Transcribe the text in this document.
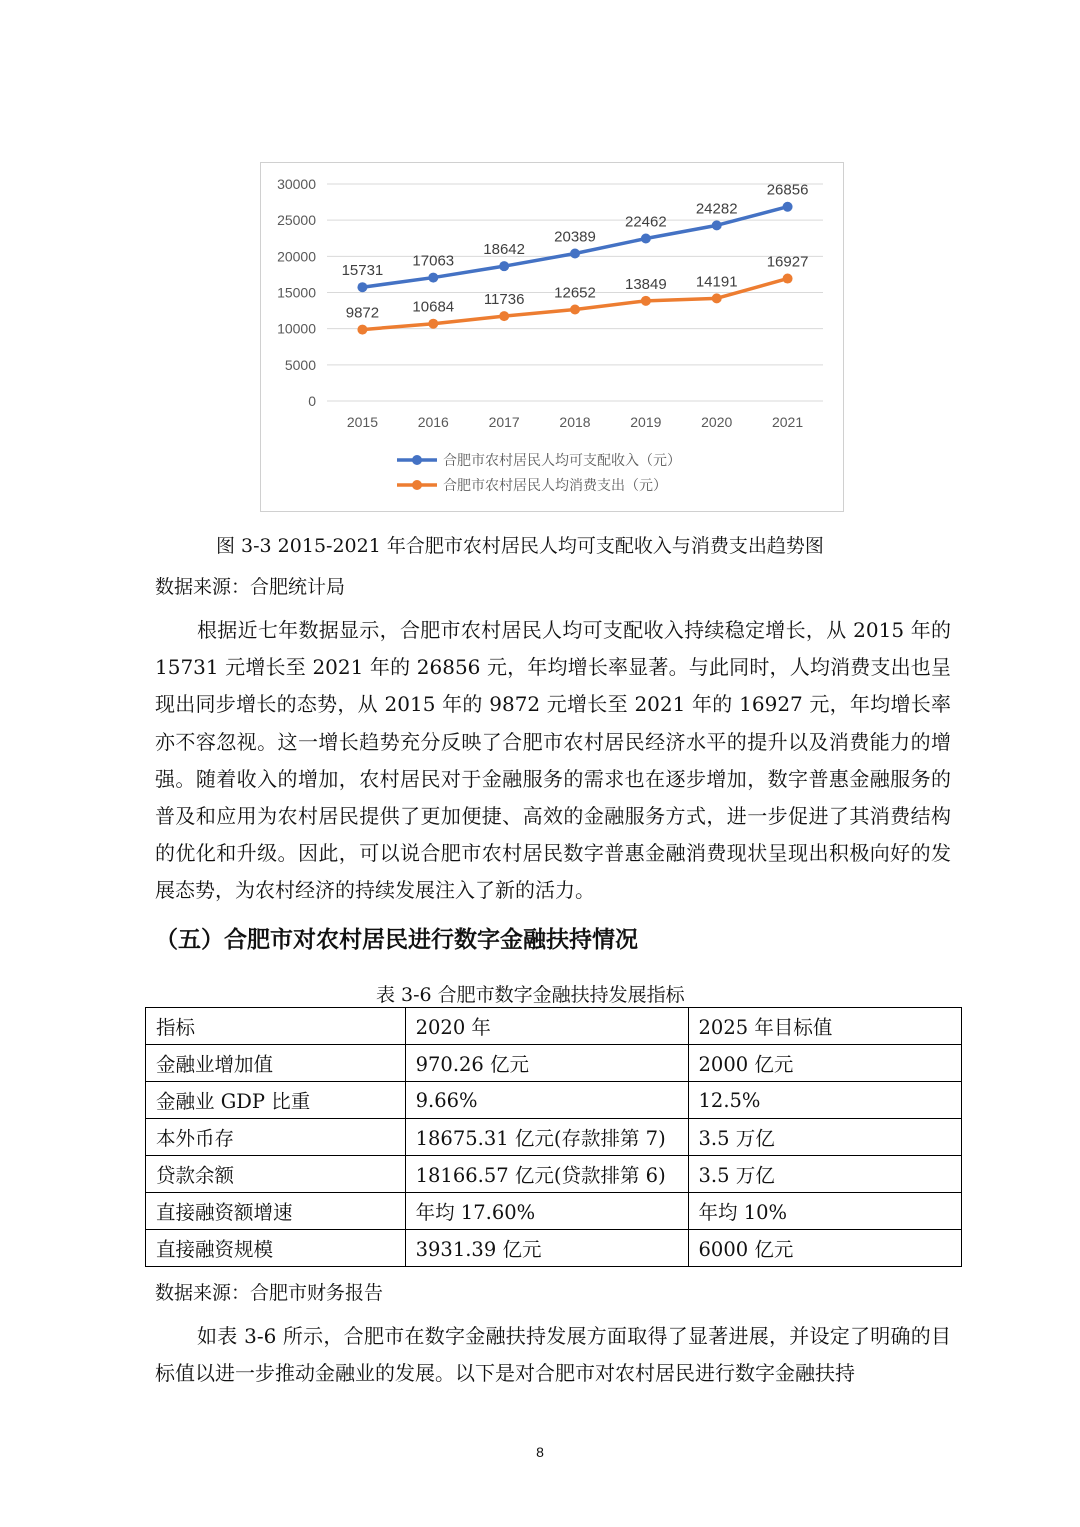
0
5000
10000
15000
20000
25000
30000
2015	2016	2017	2018	2019	2020	2021
15731
17063
18642
20389
22462
24282
26856
9872 10684 11736 12652
13849 14191
16927
合肥市农村居民人均可支配收入（元）
合肥市农村居民人均消费支出（元）
图 3-3 2015-2021 年合肥市农村居民人均可支配收入与消费支出趋势图
数据来源：合肥统计局
根据近七年数据显示，合肥市农村居民人均可支配收入持续稳定增长，从 2015 年的 15731 元增长至 2021 年的 26856 元，年均增长率显著。与此同时，人均消费支出也呈现出同步增长的态势，从 2015 年的 9872 元增长至 2021 年的 16927 元，年均增长率亦不容忽视。这一增长趋势充分反映了合肥市农村居民经济水平的提升以及消费能力的增强。随着收入的增加，农村居民对于金融服务的需求也在逐步增加，数字普惠金融服务的普及和应用为农村居民提供了更加便捷、高效的金融服务方式，进一步促进了其消费结构的优化和升级。因此，可以说合肥市农村居民数字普惠金融消费现状呈现出积极向好的发展态势，为农村经济的持续发展注入了新的活力。
（五）合肥市对农村居民进行数字金融扶持情况
表 3-6 合肥市数字金融扶持发展指标
指标	2020 年	2025 年目标值
金融业增加值	970.26 亿元	2000 亿元
金融业 GDP 比重	9.66%	12.5%
本外币存	18675.31 亿元(存款排第 7)	3.5 万亿
贷款余额	18166.57 亿元(贷款排第 6)	3.5 万亿
直接融资额增速	年均 17.60%	年均 10%
直接融资规模	3931.39 亿元	6000 亿元
数据来源：合肥市财务报告
如表 3-6 所示，合肥市在数字金融扶持发展方面取得了显著进展，并设定了明确的目标值以进一步推动金融业的发展。以下是对合肥市对农村居民进行数字金融扶持
8
